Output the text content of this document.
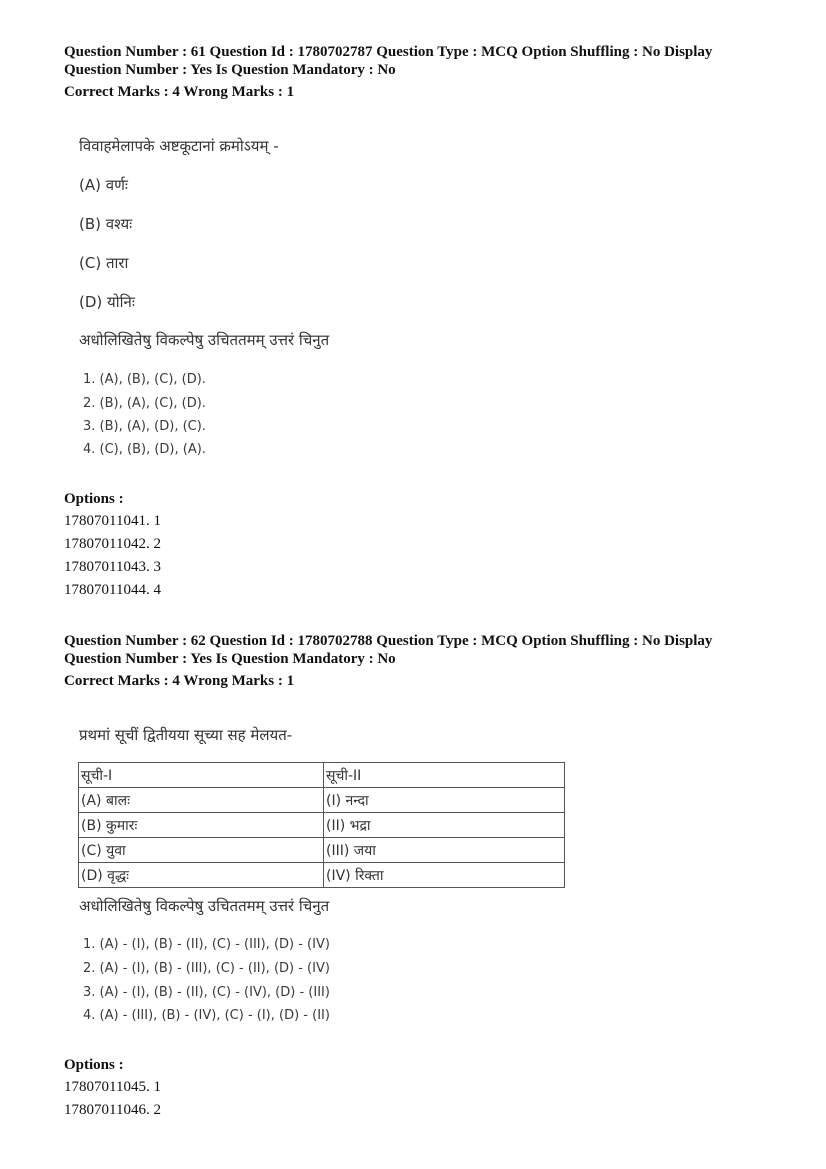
Question Number : 61 Question Id : 1780702787 Question Type : MCQ Option Shuffling : No Display
Question Number : Yes Is Question Mandatory : No
Correct Marks : 4 Wrong Marks : 1
विवाहमेलापके अष्टकूटानां क्रमोऽयम् -
(A) वर्णः
(B) वश्यः
(C) तारा
(D) योनिः
अधोलिखितेषु विकल्पेषु उचिततमम् उत्तरं चिनुत
1. (A), (B), (C), (D).
2. (B), (A), (C), (D).
3. (B), (A), (D), (C).
4. (C), (B), (D), (A).
Options :
17807011041. 1
17807011042. 2
17807011043. 3
17807011044. 4
Question Number : 62 Question Id : 1780702788 Question Type : MCQ Option Shuffling : No Display
Question Number : Yes Is Question Mandatory : No
Correct Marks : 4 Wrong Marks : 1
प्रथमां सूचीं द्वितीयया सूच्या सह मेलयत-
सूची-I	सूची-II
(A) बालः	(I) नन्दा
(B) कुमारः	(II) भद्रा
(C) युवा	(III) जया
(D) वृद्धः	(IV) रिक्ता
अधोलिखितेषु विकल्पेषु उचिततमम् उत्तरं चिनुत
1. (A) - (I), (B) - (II), (C) - (III), (D) - (IV)
2. (A) - (I), (B) - (III), (C) - (II), (D) - (IV)
3. (A) - (I), (B) - (II), (C) - (IV), (D) - (III)
4. (A) - (III), (B) - (IV), (C) - (I), (D) - (II)
Options :
17807011045. 1
17807011046. 2
